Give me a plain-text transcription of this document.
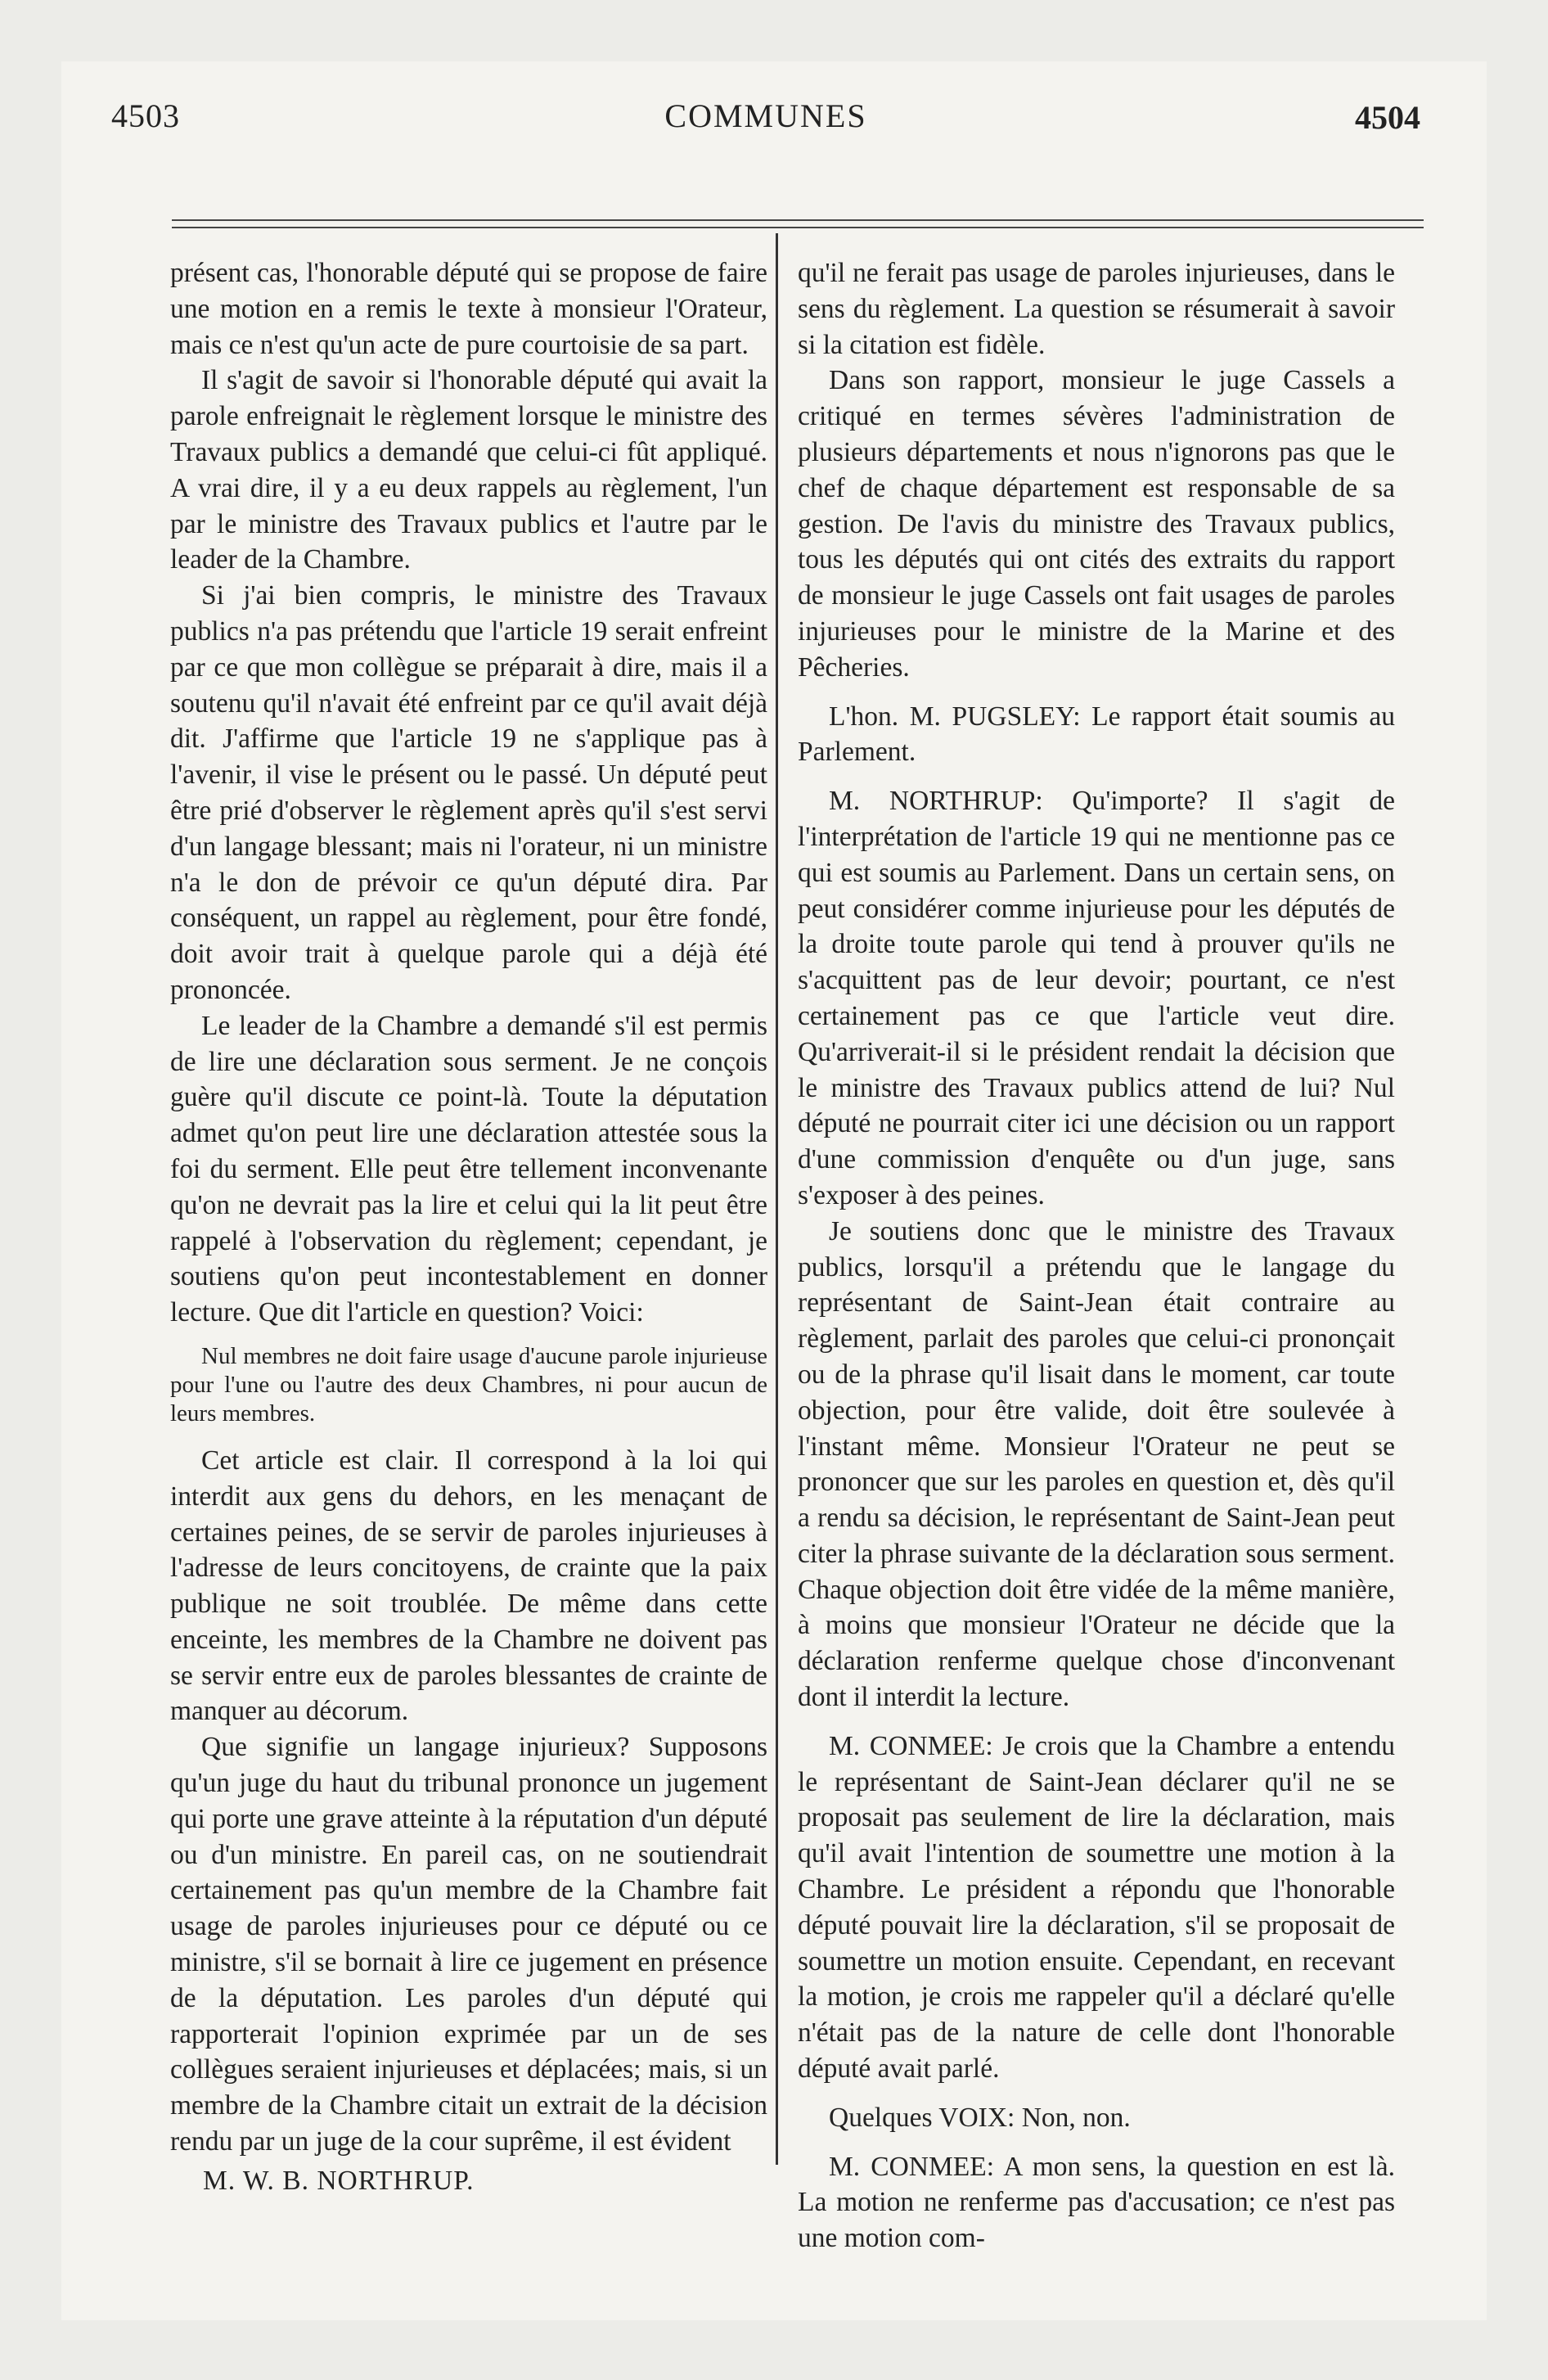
4503	COMMUNES	4504

présent cas, l'honorable député qui se propose de faire une motion en a remis le texte à monsieur l'Orateur, mais ce n'est qu'un acte de pure courtoisie de sa part.

Il s'agit de savoir si l'honorable député qui avait la parole enfreignait le règlement lorsque le ministre des Travaux publics a demandé que celui-ci fût appliqué. A vrai dire, il y a eu deux rappels au règlement, l'un par le ministre des Travaux publics et l'autre par le leader de la Chambre.

Si j'ai bien compris, le ministre des Travaux publics n'a pas prétendu que l'article 19 serait enfreint par ce que mon collègue se préparait à dire, mais il a soutenu qu'il n'avait été enfreint par ce qu'il avait déjà dit. J'affirme que l'article 19 ne s'applique pas à l'avenir, il vise le présent ou le passé. Un député peut être prié d'observer le règlement après qu'il s'est servi d'un langage blessant; mais ni l'orateur, ni un ministre n'a le don de prévoir ce qu'un député dira. Par conséquent, un rappel au règlement, pour être fondé, doit avoir trait à quelque parole qui a déjà été prononcée.

Le leader de la Chambre a demandé s'il est permis de lire une déclaration sous serment. Je ne conçois guère qu'il discute ce point-là. Toute la députation admet qu'on peut lire une déclaration attestée sous la foi du serment. Elle peut être tellement inconvenante qu'on ne devrait pas la lire et celui qui la lit peut être rappelé à l'observation du règlement; cependant, je soutiens qu'on peut incontestablement en donner lecture. Que dit l'article en question? Voici:

Nul membres ne doit faire usage d'aucune parole injurieuse pour l'une ou l'autre des deux Chambres, ni pour aucun de leurs membres.

Cet article est clair. Il correspond à la loi qui interdit aux gens du dehors, en les menaçant de certaines peines, de se servir de paroles injurieuses à l'adresse de leurs concitoyens, de crainte que la paix publique ne soit troublée. De même dans cette enceinte, les membres de la Chambre ne doivent pas se servir entre eux de paroles blessantes de crainte de manquer au décorum.

Que signifie un langage injurieux? Supposons qu'un juge du haut du tribunal prononce un jugement qui porte une grave atteinte à la réputation d'un député ou d'un ministre. En pareil cas, on ne soutiendrait certainement pas qu'un membre de la Chambre fait usage de paroles injurieuses pour ce député ou ce ministre, s'il se bornait à lire ce jugement en présence de la députation. Les paroles d'un député qui rapporterait l'opinion exprimée par un de ses collègues seraient injurieuses et déplacées; mais, si un membre de la Chambre citait un extrait de la décision rendu par un juge de la cour suprême, il est évident

M. W. B. NORTHRUP.

qu'il ne ferait pas usage de paroles injurieuses, dans le sens du règlement. La question se résumerait à savoir si la citation est fidèle.

Dans son rapport, monsieur le juge Cassels a critiqué en termes sévères l'administration de plusieurs départements et nous n'ignorons pas que le chef de chaque département est responsable de sa gestion. De l'avis du ministre des Travaux publics, tous les députés qui ont cités des extraits du rapport de monsieur le juge Cassels ont fait usages de paroles injurieuses pour le ministre de la Marine et des Pêcheries.

L'hon. M. PUGSLEY: Le rapport était soumis au Parlement.

M. NORTHRUP: Qu'importe? Il s'agit de l'interprétation de l'article 19 qui ne mentionne pas ce qui est soumis au Parlement. Dans un certain sens, on peut considérer comme injurieuse pour les députés de la droite toute parole qui tend à prouver qu'ils ne s'acquittent pas de leur devoir; pourtant, ce n'est certainement pas ce que l'article veut dire. Qu'arriverait-il si le président rendait la décision que le ministre des Travaux publics attend de lui? Nul député ne pourrait citer ici une décision ou un rapport d'une commission d'enquête ou d'un juge, sans s'exposer à des peines.

Je soutiens donc que le ministre des Travaux publics, lorsqu'il a prétendu que le langage du représentant de Saint-Jean était contraire au règlement, parlait des paroles que celui-ci prononçait ou de la phrase qu'il lisait dans le moment, car toute objection, pour être valide, doit être soulevée à l'instant même. Monsieur l'Orateur ne peut se prononcer que sur les paroles en question et, dès qu'il a rendu sa décision, le représentant de Saint-Jean peut citer la phrase suivante de la déclaration sous serment. Chaque objection doit être vidée de la même manière, à moins que monsieur l'Orateur ne décide que la déclaration renferme quelque chose d'inconvenant dont il interdit la lecture.

M. CONMEE: Je crois que la Chambre a entendu le représentant de Saint-Jean déclarer qu'il ne se proposait pas seulement de lire la déclaration, mais qu'il avait l'intention de soumettre une motion à la Chambre. Le président a répondu que l'honorable député pouvait lire la déclaration, s'il se proposait de soumettre un motion ensuite. Cependant, en recevant la motion, je crois me rappeler qu'il a déclaré qu'elle n'était pas de la nature de celle dont l'honorable député avait parlé.

Quelques VOIX: Non, non.

M. CONMEE: A mon sens, la question en est là. La motion ne renferme pas d'accusation; ce n'est pas une motion com-
